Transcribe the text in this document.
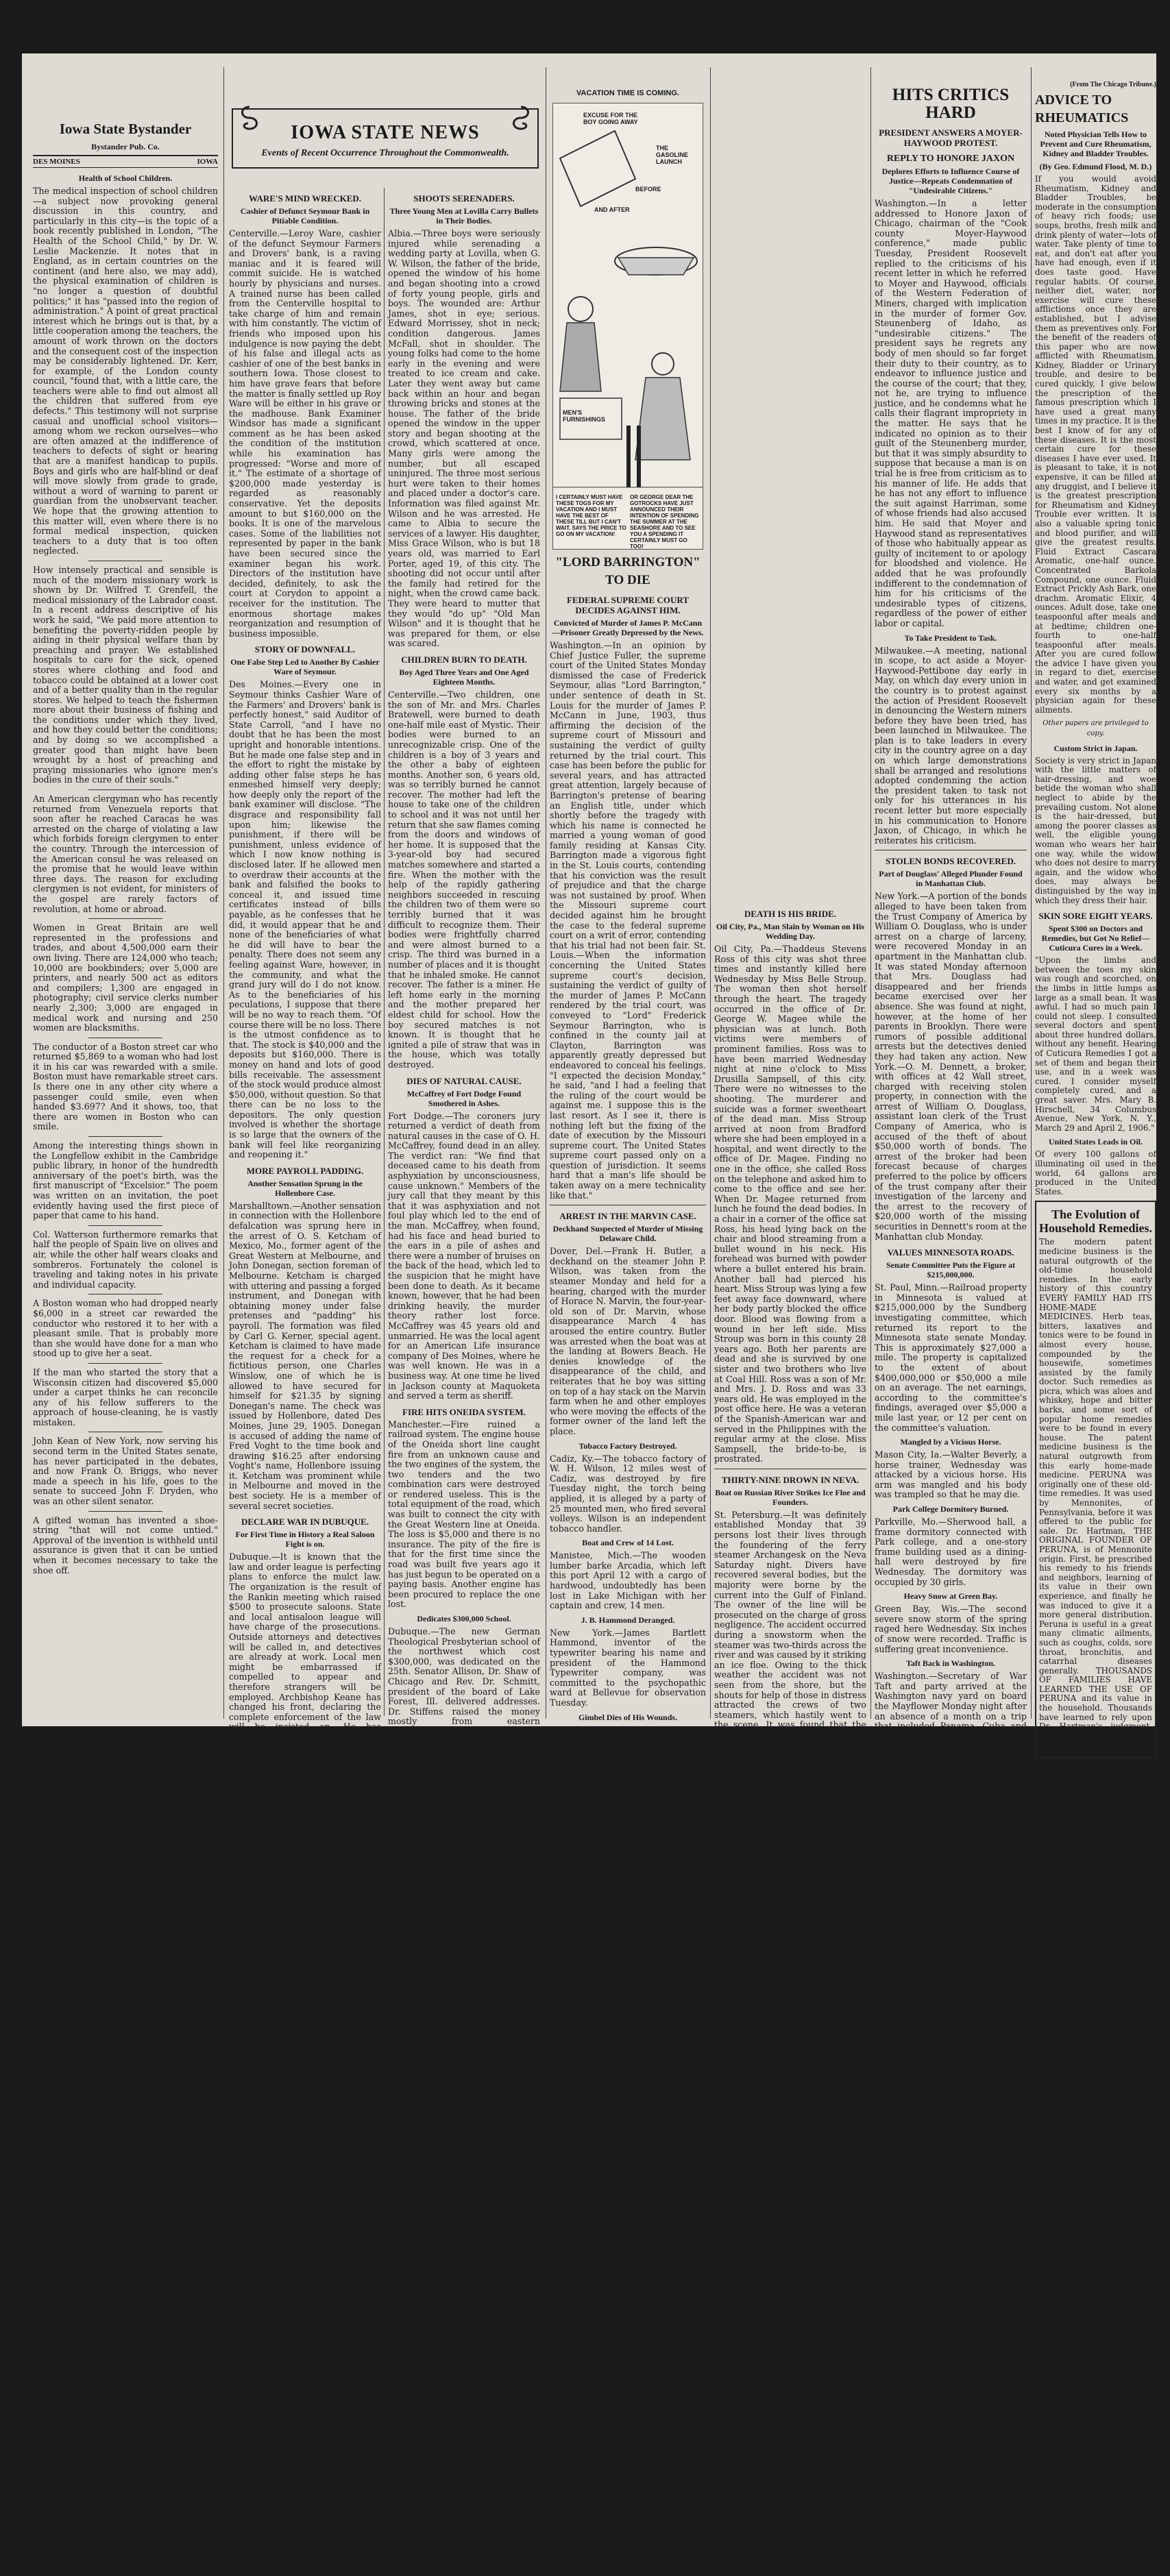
Iowa State Bystander
Bystander Pub. Co.
DES MOINES	IOWA
Health of School Children.

The medical inspection of school children—a subject now provoking general discussion in this country, and particularly in this city—is the topic of a book recently published in London, "The Health of the School Child," by Dr. W. Leslie Mackenzie. It notes that in England, as in certain countries on the continent (and here also, we may add), the physical examination of children is "no longer a question of doubtful politics;" it has "passed into the region of administration." A point of great practical interest which he brings out is that, by a little cooperation among the teachers, the amount of work thrown on the doctors and the consequent cost of the inspection may be considerably lightened. Dr. Kerr, for example, of the London county council, "found that, with a little care, the teachers were able to find out almost all the children that suffered from eye defects." This testimony will not surprise casual and unofficial school visitors—among whom we reckon ourselves—who are often amazed at the indifference of teachers to defects of sight or hearing that are a manifest handicap to pupils. Boys and girls who are half-blind or deaf will move slowly from grade to grade, without a word of warning to parent or guardian from the unobservant teacher. We hope that the growing attention to this matter will, even where there is no formal medical inspection, quicken teachers to a duty that is too often neglected.

How intensely practical and sensible is much of the modern missionary work is shown by Dr. Wilfred T. Grenfell, the medical missionary of the Labrador coast. In a recent address descriptive of his work he said, "We paid more attention to benefiting the poverty-ridden people by aiding in their physical welfare than by preaching and prayer. We established hospitals to care for the sick, opened stores where clothing and food and tobacco could be obtained at a lower cost and of a better quality than in the regular stores. We helped to teach the fishermen more about their business of fishing and the conditions under which they lived, and how they could better the conditions; and by doing so we accomplished a greater good than might have been wrought by a host of preaching and praying missionaries who ignore men's bodies in the cure of their souls."

An American clergyman who has recently returned from Venezuela reports that soon after he reached Caracas he was arrested on the charge of violating a law which forbids foreign clergymen to enter the country. Through the intercession of the American consul he was released on the promise that he would leave within three days. The reason for excluding clergymen is not evident, for ministers of the gospel are rarely factors of revolution, at home or abroad.

Women in Great Britain are well represented in the professions and trades, and about 4,500,000 earn their own living. There are 124,000 who teach; 10,000 are bookbinders; over 5,000 are printers, and nearly 500 act as editors and compilers; 1,300 are engaged in photography; civil service clerks number nearly 2,300; 3,000 are engaged in medical work and nursing and 250 women are blacksmiths.

The conductor of a Boston street car who returned $5,869 to a woman who had lost it in his car was rewarded with a smile. Boston must have remarkable street cars. Is there one in any other city where a passenger could smile, even when handed $3.697? And it shows, too, that there are women in Boston who can smile.

Among the interesting things shown in the Longfellow exhibit in the Cambridge public library, in honor of the hundredth anniversary of the poet's birth, was the first manuscript of "Excelsior." The poem was written on an invitation, the poet evidently having used the first piece of paper that came to his hand.

Col. Watterson furthermore remarks that half the people of Spain live on olives and air, while the other half wears cloaks and sombreros. Fortunately the colonel is traveling and taking notes in his private and individual capacity.

A Boston woman who had dropped nearly $6,000 in a street car rewarded the conductor who restored it to her with a pleasant smile. That is probably more than she would have done for a man who stood up to give her a seat.

If the man who started the story that a Wisconsin citizen had discovered $5,000 under a carpet thinks he can reconcile any of his fellow sufferers to the approach of house-cleaning, he is vastly mistaken.

John Kean of New York, now serving his second term in the United States senate, has never participated in the debates, and now Frank O. Briggs, who never made a speech in his life, goes to the senate to succeed John F. Dryden, who was an other silent senator.

A gifted woman has invented a shoe-string "that will not come untied." Approval of the invention is withheld until assurance is given that it can be untied when it becomes necessary to take the shoe off.

IOWA STATE NEWS
Events of Recent Occurrence Throughout the Commonwealth.
WARE'S MIND WRECKED.
Cashier of Defunct Seymour Bank in Pitiable Condition.

Centerville.—Leroy Ware, cashier of the defunct Seymour Farmers and Drovers' bank, is a raving maniac and it is feared will commit suicide. He is watched hourly by physicians and nurses. A trained nurse has been called from the Centerville hospital to take charge of him and remain with him constantly. The victim of friends who imposed upon his indulgence is now paying the debt of his false and illegal acts as cashier of one of the best banks in southern Iowa. Those closest to him have grave fears that before the matter is finally settled up Roy Ware will be either in his grave or the madhouse. Bank Examiner Windsor has made a significant comment as he has been asked the condition of the institution while his examination has progressed: "Worse and more of it." The estimate of a shortage of $200,000 made yesterday is regarded as reasonably conservative. Yet the deposits amount to but $160,000 on the books. It is one of the marvelous cases. Some of the liabilities not represented by paper in the bank have been secured since the examiner began his work. Directors of the institution have decided, definitely, to ask the court at Corydon to appoint a receiver for the institution. The enormous shortage makes reorganization and resumption of business impossible.

STORY OF DOWNFALL.
One False Step Led to Another By Cashier Ware of Seymour.

Des Moines.—Every one in Seymour thinks Cashier Ware of the Farmers' and Drovers' bank is perfectly honest," said Auditor of State Carroll, "and I have no doubt that he has been the most upright and honorable intentions. But he made one false step and in the effort to right the mistake by adding other false steps he has enmeshed himself very deeply; how deeply only the report of the bank examiner will disclose. "The disgrace and responsibility fall upon him; likewise the punishment, if there will be punishment, unless evidence of which I now know nothing is disclosed later. If he allowed men to overdraw their accounts at the bank and falsified the books to conceal it, and issued time certificates instead of bills payable, as he confesses that he did, it would appear that he and none of the beneficiaries of what he did will have to bear the penalty. There does not seem any feeling against Ware, however, in the community, and what the grand jury will do I do not know. As to the beneficiaries of his peculations, I suppose that there will be no way to reach them. "Of course there will be no loss. There is the utmost confidence as to that. The stock is $40,000 and the deposits but $160,000. There is money on hand and lots of good bills receivable. The assessment of the stock would produce almost $50,000, without question. So that there can be no loss to the depositors. The only question involved is whether the shortage is so large that the owners of the bank will feel like reorganizing and reopening it."

MORE PAYROLL PADDING.
Another Sensation Sprung in the Hollenbore Case.

Marshalltown.—Another sensation in connection with the Hollenbore defalcation was sprung here in the arrest of O. S. Ketcham of Mexico, Mo., former agent of the Great Western at Melbourne, and John Donegan, section foreman of Melbourne. Ketcham is charged with uttering and passing a forged instrument, and Donegan with obtaining money under false pretenses and "padding" his payroll. The formation was filed by Carl G. Kerner, special agent. Ketcham is claimed to have made the request for a check for a fictitious person, one Charles Winslow, one of which he is allowed to have secured for himself for $21.35 by signing Donegan's name. The check was issued by Hollenbore, dated Des Moines, June 29, 1905. Donegan is accused of adding the name of Fred Voght to the time book and drawing $16.25 after endorsing Voght's name, Hollenbore issuing it. Ketcham was prominent while in Melbourne and moved in the best society. He is a member of several secret societies.

DECLARE WAR IN DUBUQUE.
For First Time in History a Real Saloon Fight is on.

Dubuque.—It is known that the law and order league is perfecting plans to enforce the mulct law. The organization is the result of the Rankin meeting which raised $500 to prosecute saloons. State and local antisaloon league will have charge of the prosecutions. Outside attorneys and detectives will be called in, and detectives are already at work. Local men might be embarrassed if compelled to appear and therefore strangers will be employed. Archbishop Keane has changed his front, declaring the complete enforcement of the law will be insisted on. He has previously declared that Sunday closing would suffice. The saloonists feel that to do this and it is stated that the full provisions be enforced. For a time, it is predicted, Dubuque will be a comparatively dry town.

Must Shave Off Whiskers.

Burlington.—After May 1 whiskers will be a thing of the past with Burlington Route passenger conductors. Orders have been issued compelling men to shave clean or allow mustaches to grow, and nothing else. They must wear white linen collars on duty. No celluloid or rubber gear. White ties and white waistcoats will not be part of the compulsory summer toggery. Conductor D. Haas, who has been wearing a beard for 35 years, will be the principal sufferer.

SHOOTS SERENADERS.
Three Young Men at Lovilla Carry Bullets in Their Bodies.

Albia.—Three boys were seriously injured while serenading a wedding party at Lovilla, when G. W. Wilson, the father of the bride, opened the window of his home and began shooting into a crowd of forty young people, girls and boys. The wounded are: Arthur James, shot in eye; serious. Edward Morrissey, shot in neck; condition dangerous. James McFall, shot in shoulder. The young folks had come to the home early in the evening and were treated to ice cream and cake. Later they went away but came back within an hour and began throwing bricks and stones at the house. The father of the bride opened the window in the upper story and began shooting at the crowd, which scattered at once. Many girls were among the number, but all escaped uninjured. The three most serious hurt were taken to their homes and placed under a doctor's care. Information was filed against Mr. Wilson and he was arrested. He came to Albia to secure the services of a lawyer. His daughter, Miss Grace Wilson, who is but 18 years old, was married to Earl Porter, aged 19, of this city. The shooting did not occur until after the family had retired for the night, when the crowd came back. They were heard to mutter that they would "do up" "Old Man Wilson" and it is thought that he was prepared for them, or else was scared.

CHILDREN BURN TO DEATH.
Boy Aged Three Years and One Aged Eighteen Months.

Centerville.—Two children, one the son of Mr. and Mrs. Charles Bratewell, were burned to death one-half mile east of Mystic. Their bodies were burned to an unrecognizable crisp. One of the children is a boy of 3 years and the other a baby of eighteen months. Another son, 6 years old, was so terribly burned he cannot recover. The mother had left the house to take one of the children to school and it was not until her return that she saw flames coming from the doors and windows of her home. It is supposed that the 3-year-old boy had secured matches somewhere and started a fire. When the mother with the help of the rapidly gathering neighbors succeeded in rescuing the children two of them were so terribly burned that it was difficult to recognize them. Their bodies were frightfully charred and were almost burned to a crisp. The third was burned in a number of places and it is thought that he inhaled smoke. He cannot recover. The father is a miner. He left home early in the morning and the mother prepared her eldest child for school. How the boy secured matches is not known. It is thought that he ignited a pile of straw that was in the house, which was totally destroyed.

DIES OF NATURAL CAUSE.
McCaffrey of Fort Dodge Found Smothered in Ashes.

Fort Dodge.—The coroners jury returned a verdict of death from natural causes in the case of O. H. McCaffrey, found dead in an alley. The verdict ran: "We find that deceased came to his death from asphyxiation by unconsciousness, cause unknown." Members of the jury call that they meant by this that it was asphyxiation and not foul play which led to the end of the man. McCaffrey, when found, had his face and head buried to the ears in a pile of ashes and there were a number of bruises on the back of the head, which led to the suspicion that he might have been done to death. As it became known, however, that he had been drinking heavily, the murder theory rather lost force. McCaffrey was 45 years old and unmarried. He was the local agent for an American Life insurance company of Des Moines, where he was well known. He was in a business way. At one time he lived in Jackson county at Maquoketa and served a term as sheriff.

FIRE HITS ONEIDA SYSTEM.

Manchester.—Fire ruined a railroad system. The engine house of the Oneida short line caught fire from an unknown cause and the two engines of the system, the two tenders and the two combination cars were destroyed or rendered useless. This is the total equipment of the road, which was built to connect the city with the Great Western line at Oneida. The loss is $5,000 and there is no insurance. The pity of the fire is that for the first time since the road was built five years ago it has just begun to be operated on a paying basis. Another engine has been procured to replace the one lost.

Dedicates $300,000 School.

Dubuque.—The new German Theological Presbyterian school of the northwest which cost $300,000, was dedicated on the 25th. Senator Allison, Dr. Shaw of Chicago and Rev. Dr. Schmitt, president of the board of Lake Forest, Ill. delivered addresses. Dr. Stiffens raised the money mostly from eastern philanthropists, Carnegie leading with $25,000. The structure was building since 1903.

Banker Thrown From Train.

Fort Dodge.—Frank Corey, president of the Yetter Savings bank, was found lying unconscious a mile and a half west of Rockwell City along the Illinois Central track. He caught the fast evening train out of Yetter and boarded the wrong side of a locked vestibule with a heavy hand grip weighing twenty-five pounds under one arm.

Killed On Way To Sweetheart.

Dubuque.—John Behan, aged 25 years, of Maynsville, Iowa, was killed by falling under an Illinois Central train just as he was starting on a trip to visit his sweetheart at Manchester.

VACATION TIME IS COMING.
EXCUSE FOR THE BOY GOING AWAY
BEFORE
AND AFTER
THE GASOLINE LAUNCH
MEN'S FURNISHINGS
I CERTAINLY MUST HAVE THESE TOGS FOR MY VACATION AND I MUST HAVE THE BEST OF THESE TILL BUT I CAN'T WAIT. SAYS THE PRICE TO GO ON MY VACATION!
OR GEORGE DEAR THE GOTROCKS HAVE JUST ANNOUNCED THEIR INTENTION OF SPENDING THE SUMMER AT THE SEASHORE AND TO SEE YOU A SPENDING IT CERTAINLY MUST GO TOO!
"LORD BARRINGTON" TO DIE
FEDERAL SUPREME COURT DECIDES AGAINST HIM.
Convicted of Murder of James P. McCann—Prisoner Greatly Depressed by the News.

Washington.—In an opinion by Chief Justice Fuller, the supreme court of the United States Monday dismissed the case of Frederick Seymour, alias "Lord Barrington," under sentence of death in St. Louis for the murder of James P. McCann in June, 1903, thus affirming the decision of the supreme court of Missouri and sustaining the verdict of guilty returned by the trial court. This case has been before the public for several years, and has attracted great attention, largely because of Barrington's pretense of bearing an English title, under which shortly before the tragedy with which his name is connected he married a young woman of good family residing at Kansas City. Barrington made a vigorous fight in the St. Louis courts, contending that his conviction was the result of prejudice and that the charge was not sustained by proof. When the Missouri supreme court decided against him he brought the case to the federal supreme court on a writ of error, contending that his trial had not been fair. St. Louis.—When the information concerning the United States supreme court's decision, sustaining the verdict of guilty of the murder of James P. McCann rendered by the trial court, was conveyed to "Lord" Frederick Seymour Barrington, who is confined in the county jail at Clayton, Barrington was apparently greatly depressed but endeavored to conceal his feelings. "I expected the decision Monday," he said, "and I had a feeling that the ruling of the court would be against me. I suppose this is the last resort. As I see it, there is nothing left but the fixing of the date of execution by the Missouri supreme court. The United States supreme court passed only on a question of jurisdiction. It seems hard that a man's life should be taken away on a mere technicality like that."

ARREST IN THE MARVIN CASE.
Deckhand Suspected of Murder of Missing Delaware Child.

Dover, Del.—Frank H. Butler, a deckhand on the steamer John P. Wilson, was taken from the steamer Monday and held for a hearing, charged with the murder of Horace N. Marvin, the four-year-old son of Dr. Marvin, whose disappearance March 4 has aroused the entire country. Butler was arrested when the boat was at the landing at Bowers Beach. He denies knowledge of the disappearance of the child, and reiterates that he boy was sitting on top of a hay stack on the Marvin farm when he and other employes who were moving the effects of the former owner of the land left the place.

Tobacco Factory Destroyed.

Cadiz, Ky.—The tobacco factory of W. H. Wilson, 12 miles west of Cadiz, was destroyed by fire Tuesday night, the torch being applied, it is alleged by a party of 25 mounted men, who fired several volleys. Wilson is an independent tobacco handler.

Boat and Crew of 14 Lost.

Manistee, Mich.—The wooden lumber barke Arcadia, which left this port April 12 with a cargo of hardwood, undoubtedly has been lost in Lake Michigan with her captain and crew, 14 men.

J. B. Hammond Deranged.

New York.—James Bartlett Hammond, inventor of the typewriter bearing his name and president of the Hammond Typewriter company, was committed to the psychopathic ward at Bellevue for observation Tuesday.

Gimbel Dies of His Wounds.

New York.—Benedict Gimbel, the wealthy Philadelphia merchant who cut his throat and wrists with broken glass in a hotel in Hoboken soon after he had been arrested on a charge of immorality, died shortly before three o'clock Monday.

Respite for Murderer.

Jefferson City, Mo.—Gov. Folk Monday granted a respite of 60 days to William Spaugh, Jr., sentenced to be hanged for the murder of Sheriff Polk of Iron county.

DEATH IS HIS BRIDE.
Oil City, Pa., Man Slain by Woman on His Wedding Day.

Oil City, Pa.—Thaddeus Stevens Ross of this city was shot three times and instantly killed here Wednesday by Miss Belle Stroup. The woman then shot herself through the heart. The tragedy occurred in the office of Dr. George W. Magee while the physician was at lunch. Both victims were members of prominent families. Ross was to have been married Wednesday night at nine o'clock to Miss Drusilla Sampsell, of this city. There were no witnesses to the shooting. The murderer and suicide was a former sweetheart of the dead man. Miss Stroup arrived at noon from Bradford where she had been employed in a hospital, and went directly to the office of Dr. Magee. Finding no one in the office, she called Ross on the telephone and asked him to come to the office and see her. When Dr. Magee returned from lunch he found the dead bodies. In a chair in a corner of the office sat Ross, his head lying back on the chair and blood streaming from a bullet wound in his neck. His forehead was burned with powder where a bullet entered his brain. Another ball had pierced his heart. Miss Stroup was lying a few feet away face downward, where her body partly blocked the office door. Blood was flowing from a wound in her left side. Miss Stroup was born in this county 28 years ago. Both her parents are dead and she is survived by one sister and two brothers who live at Coal Hill. Ross was a son of Mr. and Mrs. J. D. Ross and was 33 years old. He was employed in the post office here. He was a veteran of the Spanish-American war and served in the Philippines with the regular army at the close. Miss Sampsell, the bride-to-be, is prostrated.

THIRTY-NINE DROWN IN NEVA.
Boat on Russian River Strikes Ice Floe and Founders.

St. Petersburg.—It was definitely established Monday that 39 persons lost their lives through the foundering of the ferry steamer Archangesk on the Neva Saturday night. Divers have recovered several bodies, but the majority were borne by the current into the Gulf of Finland. The owner of the line will be prosecuted on the charge of gross negligence. The accident occurred during a snowstorm when the steamer was two-thirds across the river and was caused by it striking an ice floe. Owing to the thick weather the accident was not seen from the shore, but the shouts for help of those in distress attracted the crews of two steamers, which hastily went to the scene. It was found that the Archangesk had foundered. A number of passengers, mostly workingmen, were rescued, but owing to the swiftness of the current many others were swept under the ice floes.

Minnesota Solons Adjourn.

St. Paul, Minn.—The Minnesota legislature adjourned sine die at noon Wednesday. The actual business of the legislature was finished last night by the passing of a large number of bills and the closing at noon Wednesday was for the purpose of passing a few minor resolutions. This legislature has passed a two-cent fare bill, an anti-pass bill and started a measure which was favorably turned into the coal and lumber combinations.

Safe Blower Take Escapes.

Peoria, Ill.—Ed. Tate, safe-blower who had been with the city in the charge of blowing the school board safe and destroying the N. C. Dougherty script, escaped Wednesday night from the St. Francis hospital.

Steamer Is Burned at Sea.

Bridgetown, Barbados, B. W. I.—The British steamer Thornhill, Capt. Dickson, which left New York April 5, was burned at sea and sunk April 16. The entire crew came into this port Wednesday in their own boats.

Fails to Elect a Senator.

Providence, R. I.—Until January next Rhode Island will have but one United States senator, for the legislature adjourned Tuesday night at the end of the session, without an election, which showed the deadlock was as complete as before.

Mrs. Charles F. Crisp Dies.

Americus, Ga.—Mrs. Charles F. Crisp, widow of Speaker Crisp of the national house of representatives, died at her home here Tuesday, aged 59.

HITS CRITICS HARD
PRESIDENT ANSWERS A MOYER-HAYWOOD PROTEST.
REPLY TO HONORE JAXON
Deplores Efforts to Influence Course of Justice—Repeats Condemnation of "Undesirable Citizens."

Washington.—In a letter addressed to Honore Jaxon of Chicago, chairman of the "Cook county Moyer-Haywood conference," made public Tuesday, President Roosevelt replied to the criticisms of his recent letter in which he referred to Moyer and Haywood, officials of the Western Federation of Miners, charged with implication in the murder of former Gov. Steunenberg of Idaho, as "undesirable citizens." The president says he regrets any body of men should so far forget their duty to their country, as to endeavor to influence justice and the course of the court; that they, not he, are trying to influence justice, and he condemns what he calls their flagrant impropriety in the matter. He says that he indicated no opinion as to their guilt of the Steunenberg murder, but that it was simply absurdity to suppose that because a man is on trial he is free from criticism as to his manner of life. He adds that he has not any effort to influence the suit against Harriman, some of whose friends had also accused him. He said that Moyer and Haywood stand as representatives of those who habitually appear as guilty of incitement to or apology for bloodshed and violence. He added that he was profoundly indifferent to the condemnation of him for his criticisms of the undesirable types of citizens, regardless of the power of either labor or capital.

To Take President to Task.

Milwaukee.—A meeting, national in scope, to act aside a Moyer-Haywood-Pettibone day early in May, on which day every union in the country is to protest against the action of President Roosevelt in denouncing the Western miners before they have been tried, has been launched in Milwaukee. The plan is to take leaders in every city in the country agree on a day on which large demonstrations shall be arranged and resolutions adopted condemning the action the president taken to task not only for his utterances in his recent letter but more especially in his communication to Honore Jaxon, of Chicago, in which he reiterates his criticism.

STOLEN BONDS RECOVERED.
Part of Douglass' Alleged Plunder Found in Manhattan Club.

New York.—A portion of the bonds alleged to have been taken from the Trust Company of America by William O. Douglass, who is under arrest on a charge of larceny, were recovered Monday in an apartment in the Manhattan club. It was stated Monday afternoon that Mrs. Douglass had disappeared and her friends became exercised over her absence. She was found at night, however, at the home of her parents in Brooklyn. There were rumors of possible additional arrests but the detectives denied they had taken any action. New York.—O. M. Dennett, a broker, with offices at 42 Wall street, charged with receiving stolen property, in connection with the arrest of William O. Douglass, assistant loan clerk of the Trust Company of America, who is accused of the theft of about $50,000 worth of bonds. The arrest of the broker had been forecast because of charges preferred to the police by officers of the trust company after their investigation of the larceny and the arrest to the recovery of $20,000 worth of the missing securities in Dennett's room at the Manhattan club Monday.

VALUES MINNESOTA ROADS.
Senate Committee Puts the Figure at $215,000,000.

St. Paul, Minn.—Railroad property in Minnesota is valued at $215,000,000 by the Sundberg investigating committee, which returned its report to the Minnesota state senate Monday. This is approximately $27,000 a mile. The property is capitalized to the extent of about $400,000,000 or $50,000 a mile on an average. The net earnings, according to the committee's findings, averaged over $5,000 a mile last year, or 12 per cent on the committee's valuation.

Mangled by a Vicious Horse.

Mason City, Ia.—Walter Beverly, a horse trainer, Wednesday was attacked by a vicious horse. His arm was mangled and his body was trampled so that he may die.

Park College Dormitory Burned.

Parkville, Mo.—Sherwood hall, a frame dormitory connected with Park college, and a one-story frame building used as a dining-hall were destroyed by fire Wednesday. The dormitory was occupied by 30 girls.

Heavy Snow at Green Bay.

Green Bay, Wis.—The second severe snow storm of the spring raged here Wednesday. Six inches of snow were recorded. Traffic is suffering great inconvenience.

Taft Back in Washington.

Washington.—Secretary of War Taft and party arrived at the Washington navy yard on board the Mayflower Monday night after an absence of a month on a trip that included Panama, Cuba and Porto Rico.

Canning Plant Burned.

Lubec, Me.—The entire plant of the American Canning company, of New York, at North Lubec, was burned. No one was injured. The loss is estimated at $200,000.

(From The Chicago Tribune.)
ADVICE TO RHEUMATICS
Noted Physician Tells How to Prevent and Cure Rheumatism, Kidney and Bladder Troubles.
(By Geo. Edmund Flood, M. D.)

If you would avoid Rheumatism, Kidney and Bladder Troubles, be moderate in the consumption of heavy rich foods; use soups, broths, fresh milk and drink plenty of water—lots of water. Take plenty of time to eat, and don't eat after you have had enough, even if it does taste good. Have regular habits. Of course, neither diet, water, nor exercise will cure these afflictions once they are established, but I advise them as preventives only. For the benefit of the readers of this paper who are now afflicted with Rheumatism, Kidney, Bladder or Urinary trouble, and desire to be cured quickly, I give below the prescription of the famous prescription which I have used a great many times in my practice. It is the best I know of for any of these diseases. It is the most certain cure for these diseases I have ever used. It is pleasant to take, it is not expensive, it can be filled at any druggist, and I believe it is the greatest prescription for Rheumatism and Kidney Trouble ever written. It is also a valuable spring tonic and blood purifier, and will give the greatest results. Fluid Extract Cascara Aromatic, one-half ounce. Concentrated Barkola Compound, one ounce. Fluid Extract Prickly Ash Bark, one drachm. Aromatic Elixir, 4 ounces. Adult dose, take one teaspoonful after meals and at bedtime; children one-fourth to one-half teaspoonful after meals. After you are cured follow the advice I have given you in regard to diet, exercise and water, and get examined every six months by a physician again for these ailments.

Other papers are privileged to copy.

Custom Strict in Japan.

Society is very strict in Japan with the little matters of hair-dressing, and woe betide the woman who shall neglect to abide by the prevailing custom. Not alone is the hair-dressed, but among the poorer classes as well, the eligible young woman who wears her hair one way, while the widow who does not desire to marry again, and the widow who does, may always be distinguished by the way in which they dress their hair.

SKIN SORE EIGHT YEARS.
Spent $300 on Doctors and Remedies, but Got No Relief—Cuticura Cures in a Week.

"Upon the limbs and between the toes my skin was rough and scorched, on the limbs in little lumps as large as a small bean. It was awful. I had so much pain I could not sleep. I consulted several doctors and spent about three hundred dollars, without any benefit. Hearing of Cuticura Remedies I got a set of them and began their use, and in a week was cured. I consider myself completely cured, and a great saver. Mrs. Mary B. Hirschell, 34 Columbus Avenue, New York, N. Y., March 29 and April 2, 1906."

United States Leads in Oil.

Of every 100 gallons of illuminating oil used in the world, 64 gallons are produced in the United States.

The Evolution of Household Remedies.

The modern patent medicine business is the natural outgrowth of the old-time household remedies. In the early history of this country EVERY FAMILY HAD ITS HOME-MADE MEDICINES. Herb teas, bitters, laxatives and tonics were to be found in almost every house, compounded by the housewife, sometimes assisted by the family doctor. Such remedies as picra, which was aloes and whiskey, hope and bitter barks, and some sort of popular home remedies were to be found in every house. The patent medicine business is the natural outgrowth from this early home-made medicine. PERUNA was originally one of these old-time remedies. It was used by Mennonites, of Pennsylvania, before it was offered to the public for sale. Dr. Hartman, THE ORIGINAL FOUNDER OF PERUNA, is of Mennonite origin. First, he prescribed his remedy to his friends and neighbors, learning of its value in their own experience, and finally he was induced to give it a more general distribution. Peruna is useful in a great many climatic ailments, such as coughs, colds, sore throat, bronchitis, and catarrhal diseases generally. THOUSANDS OF FAMILIES HAVE LEARNED THE USE OF PERUNA and its value in the household. Thousands have learned to rely upon Dr. Hartman's judgment, and to rely upon his remedy, Peruna.
